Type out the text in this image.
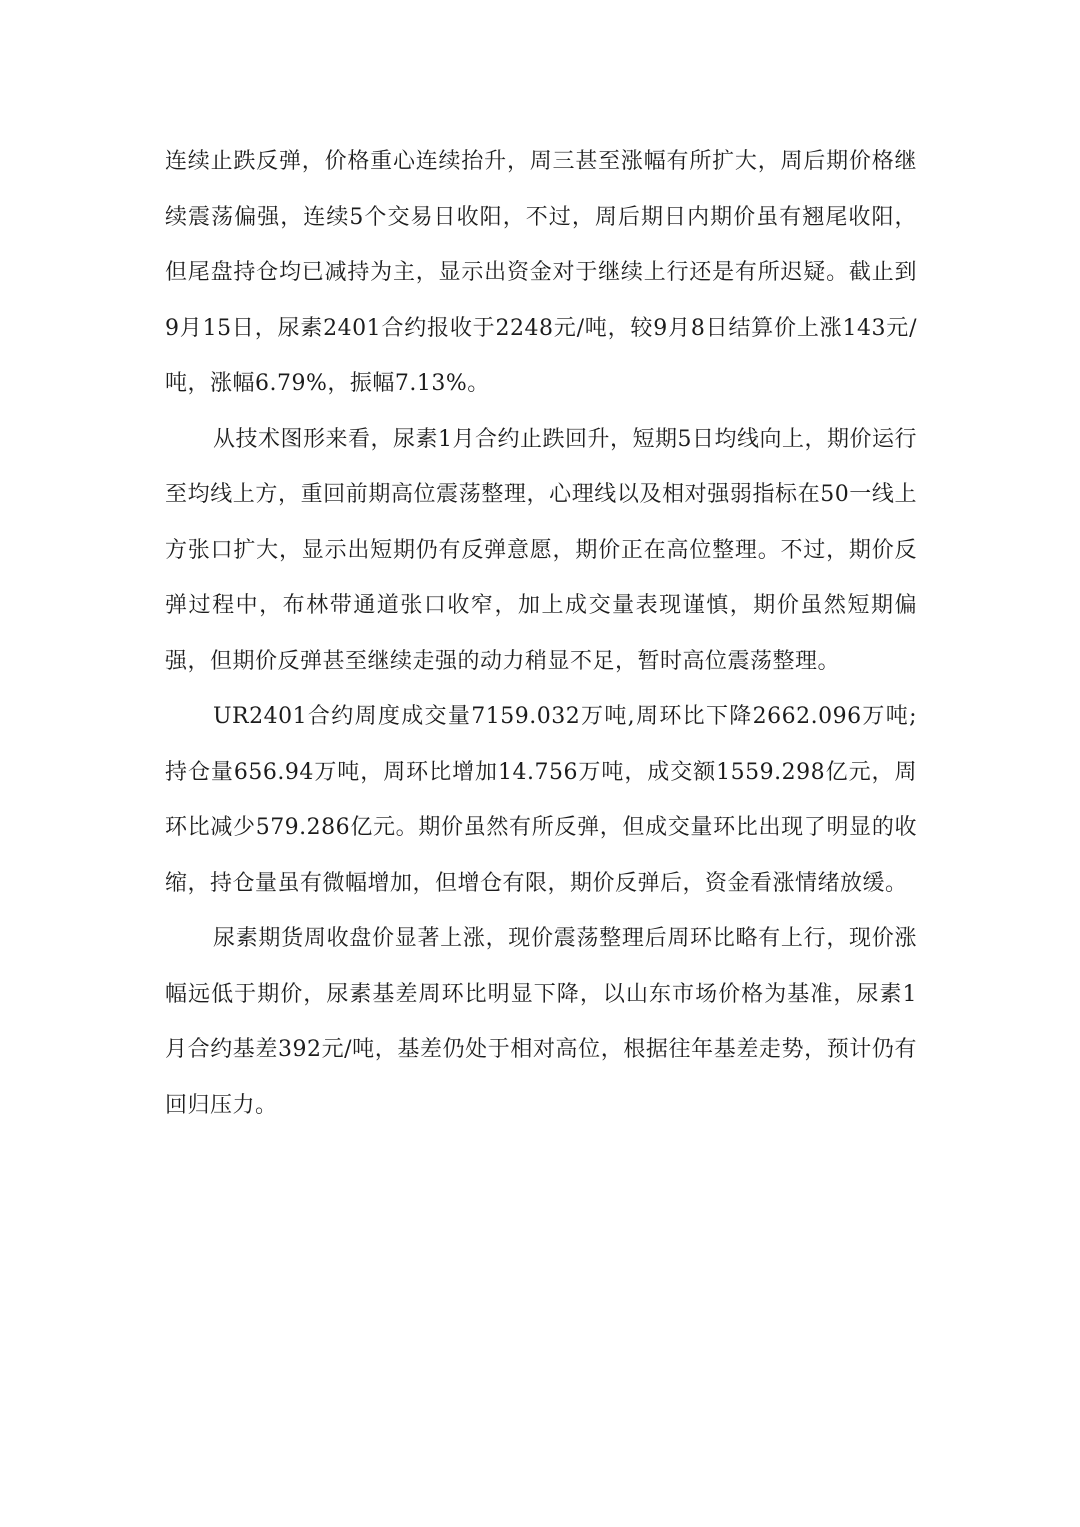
连续止跌反弹，价格重心连续抬升，周三甚至涨幅有所扩大，周后期价格继续震荡偏强，连续5个交易日收阳，不过，周后期日内期价虽有翘尾收阳，但尾盘持仓均已减持为主，显示出资金对于继续上行还是有所迟疑。截止到9月15日，尿素2401合约报收于2248元/吨，较9月8日结算价上涨143元/吨，涨幅6.79%，振幅7.13%。

从技术图形来看，尿素1月合约止跌回升，短期5日均线向上，期价运行至均线上方，重回前期高位震荡整理，心理线以及相对强弱指标在50一线上方张口扩大，显示出短期仍有反弹意愿，期价正在高位整理。不过，期价反弹过程中，布林带通道张口收窄，加上成交量表现谨慎，期价虽然短期偏强，但期价反弹甚至继续走强的动力稍显不足，暂时高位震荡整理。

UR2401合约周度成交量7159.032万吨,周环比下降2662.096万吨;持仓量656.94万吨，周环比增加14.756万吨，成交额1559.298亿元，周环比减少579.286亿元。期价虽然有所反弹，但成交量环比出现了明显的收缩，持仓量虽有微幅增加，但增仓有限，期价反弹后，资金看涨情绪放缓。

尿素期货周收盘价显著上涨，现价震荡整理后周环比略有上行，现价涨幅远低于期价，尿素基差周环比明显下降，以山东市场价格为基准，尿素1月合约基差392元/吨，基差仍处于相对高位，根据往年基差走势，预计仍有回归压力。
